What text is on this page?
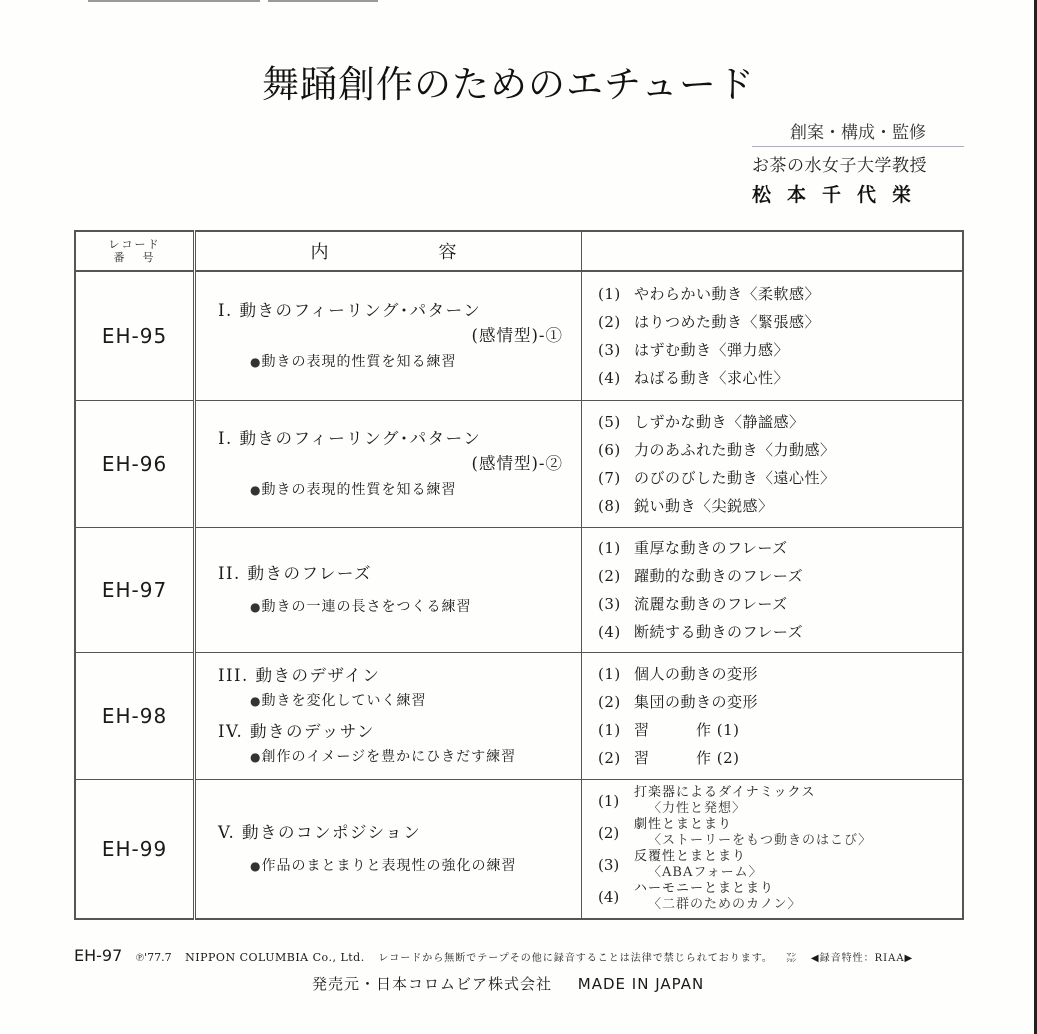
舞踊創作のためのエチュード
創案・構成・監修
お茶の水女子大学教授
松本千代栄
レコード
番号	内容	

EH-95

I. 動きのフィーリング･パターン
(感情型)-①
●動きの表現的性質を知る練習

(1) やわらかい動き〈柔軟感〉
(2) はりつめた動き〈緊張感〉
(3) はずむ動き〈弾力感〉
(4) ねばる動き〈求心性〉

EH-96

I. 動きのフィーリング･パターン
(感情型)-②
●動きの表現的性質を知る練習

(5) しずかな動き〈静謐感〉
(6) 力のあふれた動き〈力動感〉
(7) のびのびした動き〈遠心性〉
(8) 鋭い動き〈尖鋭感〉

EH-97

II. 動きのフレーズ
●動きの一連の長さをつくる練習

(1) 重厚な動きのフレーズ
(2) 躍動的な動きのフレーズ
(3) 流麗な動きのフレーズ
(4) 断続する動きのフレーズ

EH-98

III. 動きのデザイン
●動きを変化していく練習
IV. 動きのデッサン
●創作のイメージを豊かにひきだす練習

(1) 個人の動きの変形
(2) 集団の動きの変形
(1) 習　　　作 (1)
(2) 習　　　作 (2)

EH-99

V. 動きのコンポジション
●作品のまとまりと表現性の強化の練習

(1)	打楽器によるダイナミックス
〈力性と発想〉
(2)	劇性とまとまり
〈ストーリーをもつ動きのはこび〉
(3)	反覆性とまとまり
〈ABAフォーム〉
(4)	ハーモニーとまとまり
〈二群のためのカノン〉
EH-97 ℗'77.7 NIPPON COLUMBIA Co., Ltd. レコードから無断でテープその他に録音することは法律で禁じられております。 ㍇ ◀録音特性：RIAA▶
発売元・日本コロムビア株式会社 MADE IN JAPAN
